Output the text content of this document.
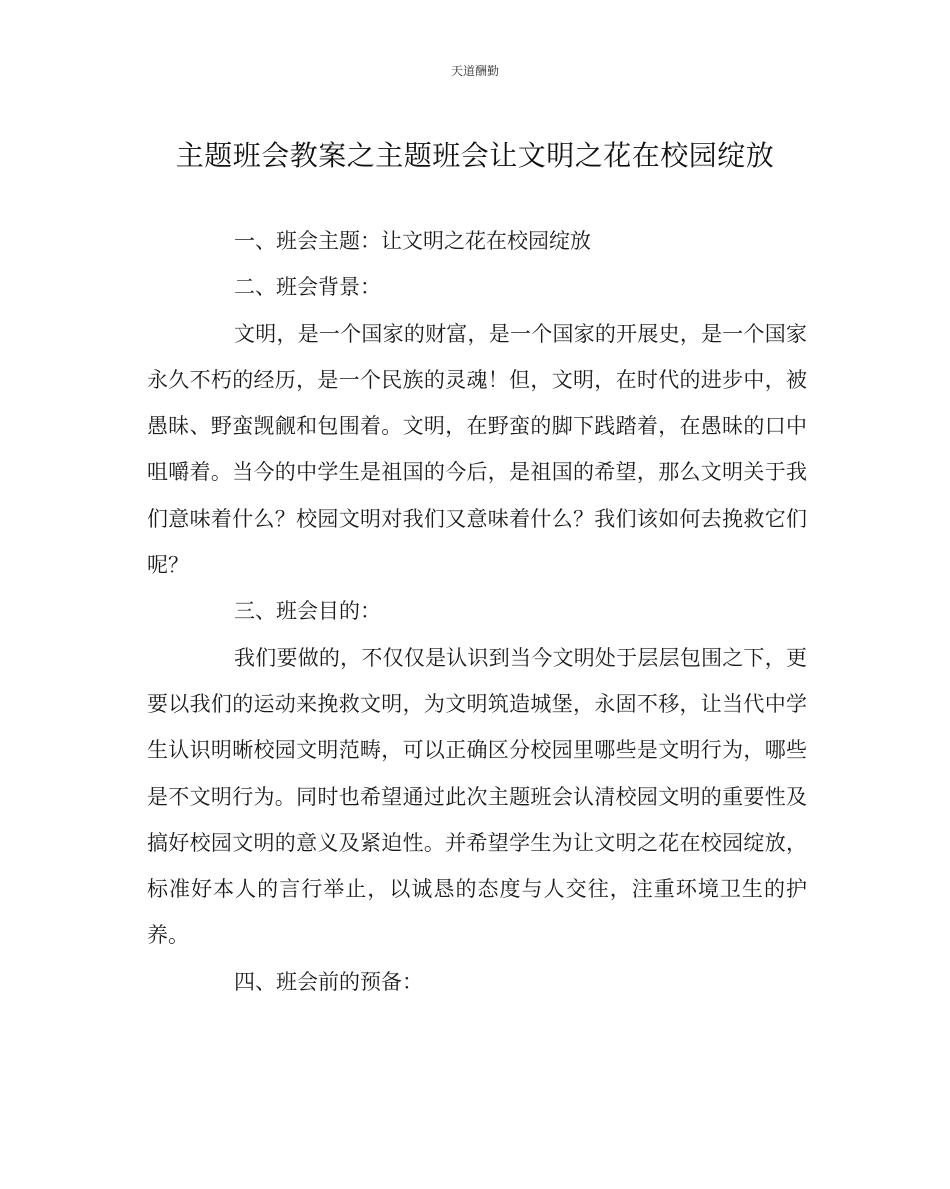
天道酬勤
主题班会教案之主题班会让文明之花在校园绽放

一、班会主题：让文明之花在校园绽放

二、班会背景：

文明，是一个国家的财富，是一个国家的开展史，是一个国家永久不朽的经历，是一个民族的灵魂！但，文明，在时代的进步中，被愚昧、野蛮觊觎和包围着。文明，在野蛮的脚下践踏着，在愚昧的口中咀嚼着。当今的中学生是祖国的今后，是祖国的希望，那么文明关于我们意味着什么？校园文明对我们又意味着什么？我们该如何去挽救它们呢？

三、班会目的：

我们要做的，不仅仅是认识到当今文明处于层层包围之下，更要以我们的运动来挽救文明，为文明筑造城堡，永固不移，让当代中学生认识明晰校园文明范畴，可以正确区分校园里哪些是文明行为，哪些是不文明行为。同时也希望通过此次主题班会认清校园文明的重要性及搞好校园文明的意义及紧迫性。并希望学生为让文明之花在校园绽放，标准好本人的言行举止，以诚恳的态度与人交往，注重环境卫生的护养。

四、班会前的预备：
